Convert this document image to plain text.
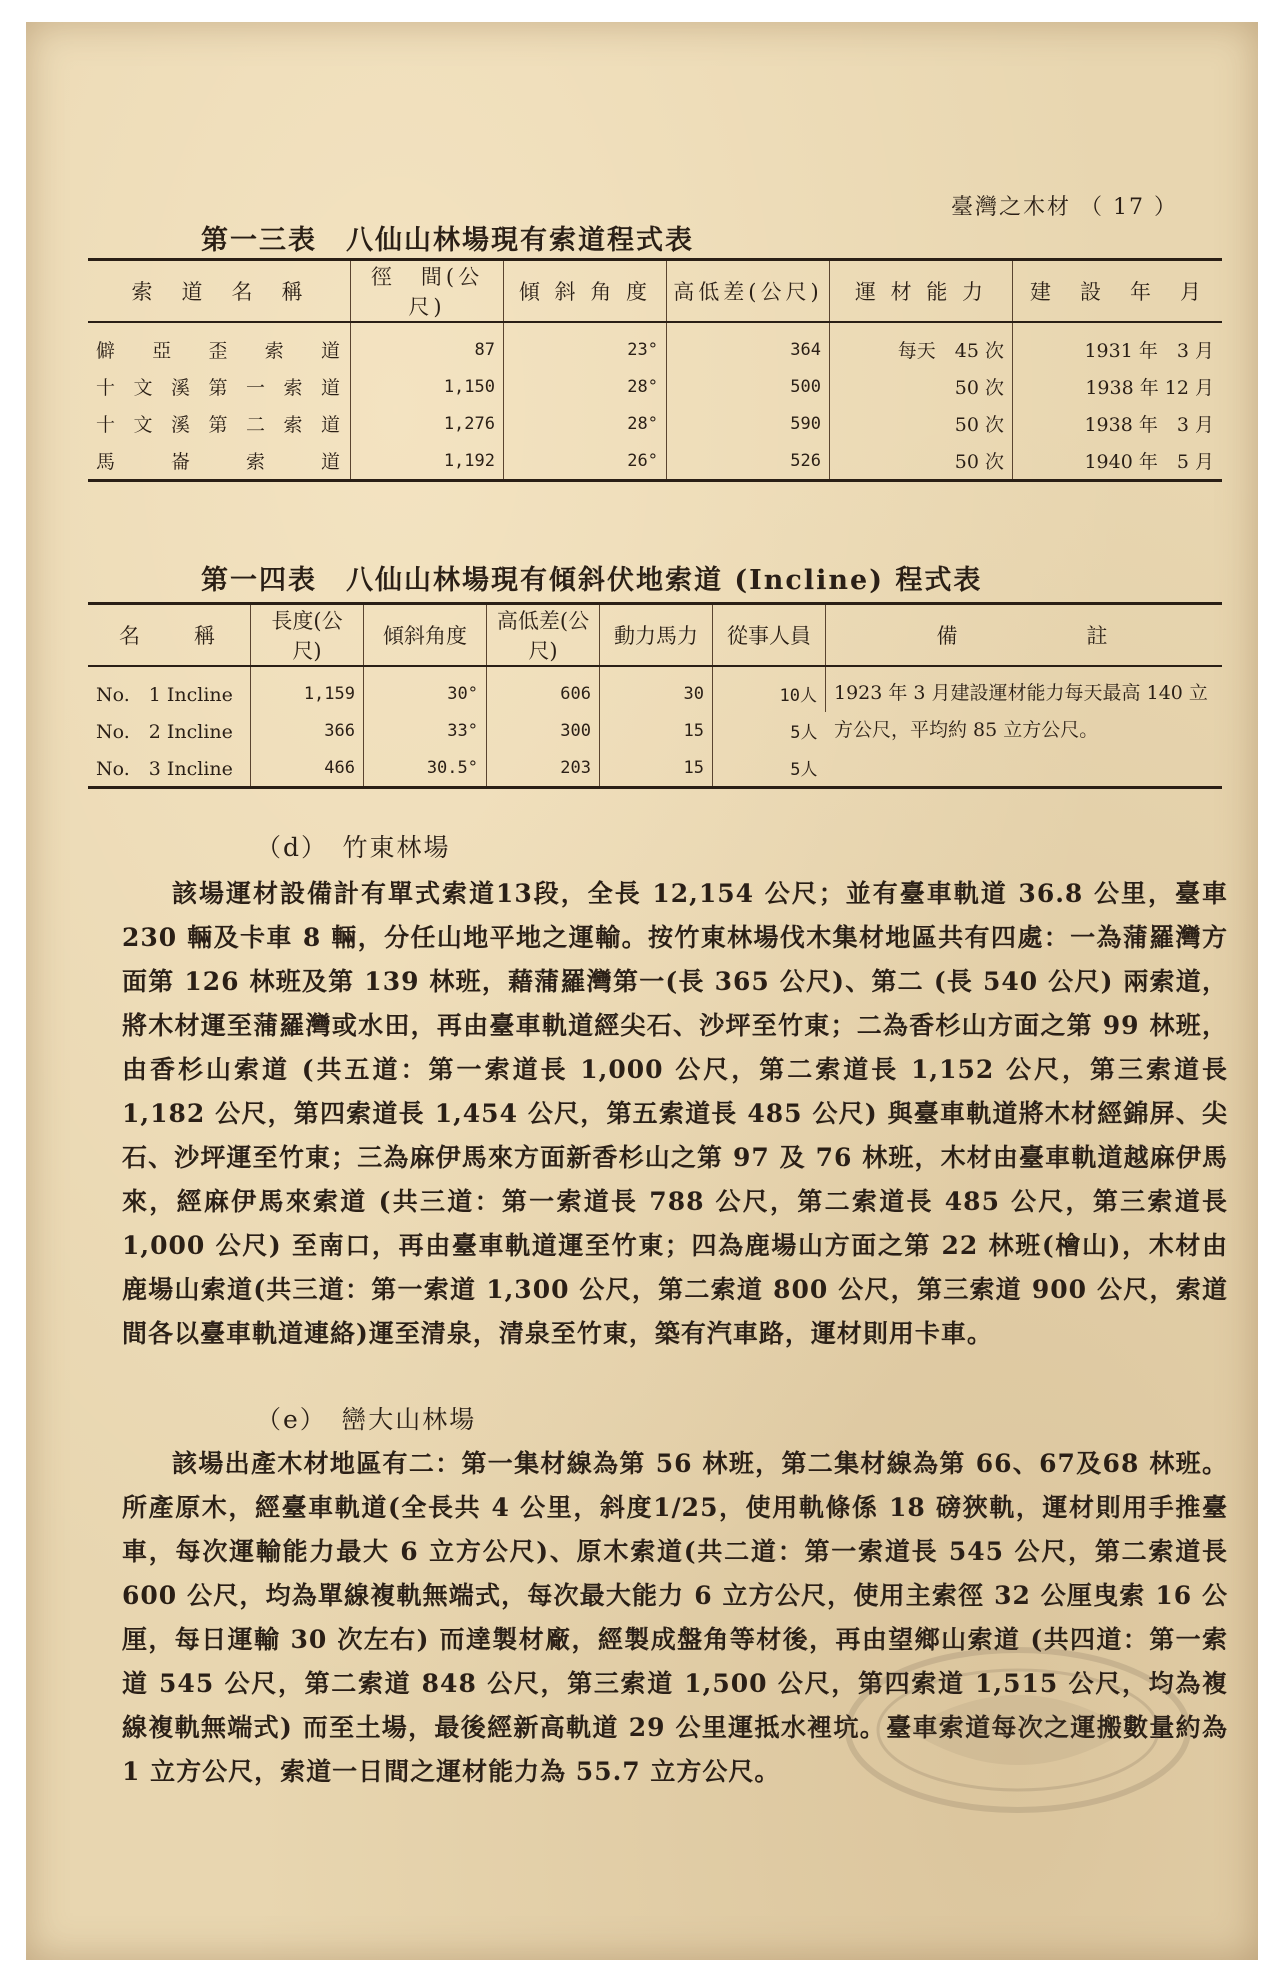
臺灣之木材 （ 17 ）
第一三表　八仙山林場現有索道程式表
索　道　名　稱	徑　間(公尺)	傾 斜 角 度	高低差(公尺)	運 材 能 力	建　設　年　月
僻亞歪索道	87	23°	364	每天　45 次	1931 年　3 月
十文溪第一索道	1,150	28°	500	50 次	1938 年 12 月
十文溪第二索道	1,276	28°	590	50 次	1938 年　3 月
馬崙索道	1,192	26°	526	50 次	1940 年　5 月
第一四表　八仙山林場現有傾斜伏地索道 (Incline) 程式表
名　　稱	長度(公尺)	傾斜角度	高低差(公尺)	動力馬力	從事人員	備　　　　　註
No.　1 Incline	1,159	30°	606	30	10人	1923 年 3 月建設運材能力每天最高 140 立方公尺，平均約 85 立方公尺。
No.　2 Incline	366	33°	300	15	5人	
No.　3 Incline	466	30.5°	203	15	5人	
（d）　竹東林場

該場運材設備計有單式索道13段，全長 12,154 公尺；並有臺車軌道 36.8 公里，臺車 230 輛及卡車 8 輛，分任山地平地之運輸。按竹東林場伐木集材地區共有四處：一為蒲羅灣方面第 126 林班及第 139 林班，藉蒲羅灣第一(長 365 公尺)、第二 (長 540 公尺) 兩索道，將木材運至蒲羅灣或水田，再由臺車軌道經尖石、沙坪至竹東；二為香杉山方面之第 99 林班，由香杉山索道 (共五道：第一索道長 1,000 公尺，第二索道長 1,152 公尺，第三索道長 1,182 公尺，第四索道長 1,454 公尺，第五索道長 485 公尺) 與臺車軌道將木材經錦屏、尖石、沙坪運至竹東；三為麻伊馬來方面新香杉山之第 97 及 76 林班，木材由臺車軌道越麻伊馬來，經麻伊馬來索道 (共三道：第一索道長 788 公尺，第二索道長 485 公尺，第三索道長 1,000 公尺) 至南口，再由臺車軌道運至竹東；四為鹿場山方面之第 22 林班(檜山)，木材由鹿場山索道(共三道：第一索道 1,300 公尺，第二索道 800 公尺，第三索道 900 公尺，索道間各以臺車軌道連絡)運至清泉，清泉至竹東，築有汽車路，運材則用卡車。

（e）　巒大山林場

該場出產木材地區有二：第一集材線為第 56 林班，第二集材線為第 66、67及68 林班。所產原木，經臺車軌道(全長共 4 公里，斜度1/25，使用軌條係 18 磅狹軌，運材則用手推臺車，每次運輸能力最大 6 立方公尺)、原木索道(共二道：第一索道長 545 公尺，第二索道長 600 公尺，均為單線複軌無端式，每次最大能力 6 立方公尺，使用主索徑 32 公厘曳索 16 公厘，每日運輸 30 次左右) 而達製材廠，經製成盤角等材後，再由望鄉山索道 (共四道：第一索道 545 公尺，第二索道 848 公尺，第三索道 1,500 公尺，第四索道 1,515 公尺，均為複線複軌無端式) 而至土場，最後經新高軌道 29 公里運抵水裡坑。臺車索道每次之運搬數量約為 1 立方公尺，索道一日間之運材能力為 55.7 立方公尺。
